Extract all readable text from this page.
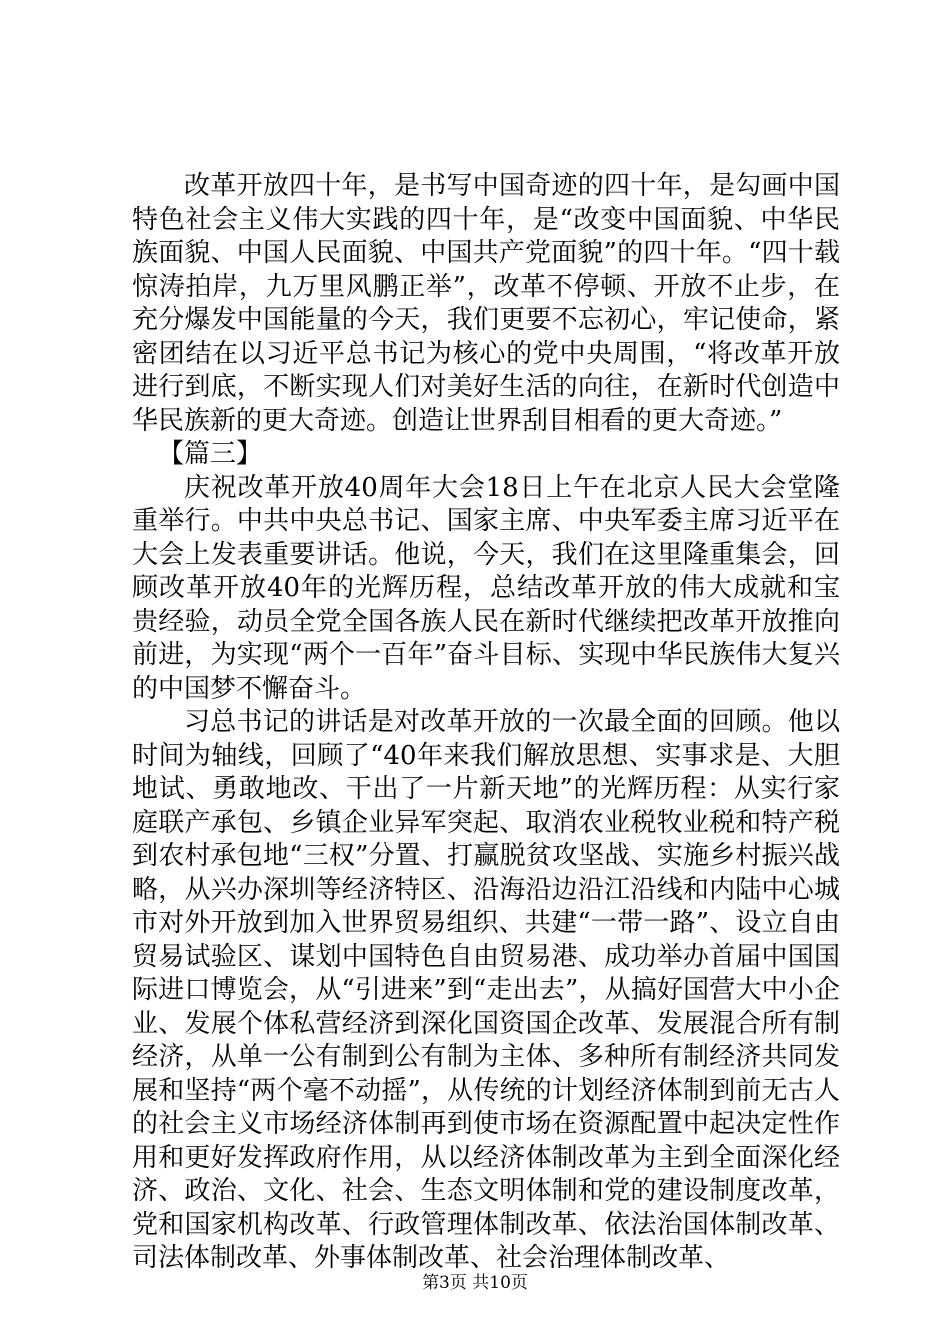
改革开放四十年，是书写中国奇迹的四十年，是勾画中国特色社会主义伟大实践的四十年，是“改变中国面貌、中华民族面貌、中国人民面貌、中国共产党面貌”的四十年。“四十载惊涛拍岸，九万里风鹏正举”，改革不停顿、开放不止步，在充分爆发中国能量的今天，我们更要不忘初心，牢记使命，紧密团结在以习近平总书记为核心的党中央周围，“将改革开放进行到底，不断实现人们对美好生活的向往，在新时代创造中华民族新的更大奇迹。创造让世界刮目相看的更大奇迹。”

【篇三】

庆祝改革开放40周年大会18日上午在北京人民大会堂隆重举行。中共中央总书记、国家主席、中央军委主席习近平在大会上发表重要讲话。他说，今天，我们在这里隆重集会，回顾改革开放40年的光辉历程，总结改革开放的伟大成就和宝贵经验，动员全党全国各族人民在新时代继续把改革开放推向前进，为实现“两个一百年”奋斗目标、实现中华民族伟大复兴的中国梦不懈奋斗。

习总书记的讲话是对改革开放的一次最全面的回顾。他以时间为轴线，回顾了“40年来我们解放思想、实事求是、大胆地试、勇敢地改、干出了一片新天地”的光辉历程：从实行家庭联产承包、乡镇企业异军突起、取消农业税牧业税和特产税到农村承包地“三权”分置、打赢脱贫攻坚战、实施乡村振兴战略，从兴办深圳等经济特区、沿海沿边沿江沿线和内陆中心城市对外开放到加入世界贸易组织、共建“一带一路”、设立自由贸易试验区、谋划中国特色自由贸易港、成功举办首届中国国际进口博览会，从“引进来”到“走出去”，从搞好国营大中小企业、发展个体私营经济到深化国资国企改革、发展混合所有制经济，从单一公有制到公有制为主体、多种所有制经济共同发展和坚持“两个毫不动摇”，从传统的计划经济体制到前无古人的社会主义市场经济体制再到使市场在资源配置中起决定性作用和更好发挥政府作用，从以经济体制改革为主到全面深化经济、政治、文化、社会、生态文明体制和党的建设制度改革，党和国家机构改革、行政管理体制改革、依法治国体制改革、司法体制改革、外事体制改革、社会治理体制改革、

第3页 共10页
